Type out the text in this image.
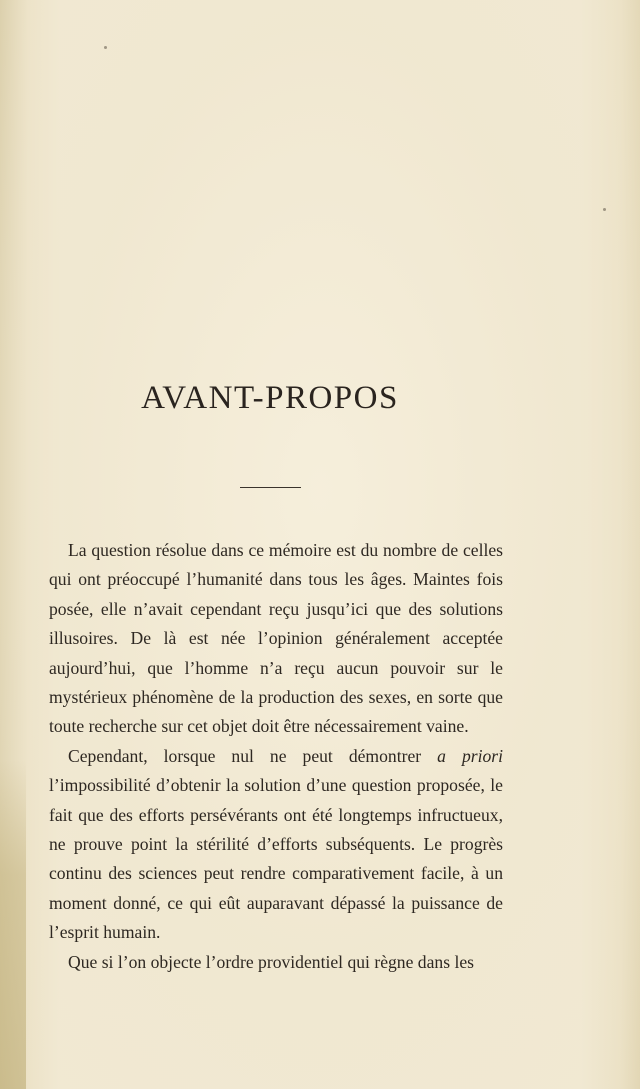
AVANT-PROPOS

La question résolue dans ce mémoire est du nombre de celles qui ont préoccupé l’humanité dans tous les âges. Maintes fois posée, elle n’avait cependant reçu jusqu’ici que des solutions illusoires. De là est née l’opinion généralement acceptée aujourd’hui, que l’homme n’a reçu aucun pouvoir sur le mystérieux phénomène de la production des sexes, en sorte que toute recherche sur cet objet doit être nécessairement vaine.

Cependant, lorsque nul ne peut démontrer a priori l’impossibilité d’obtenir la solution d’une question proposée, le fait que des efforts persévérants ont été longtemps infructueux, ne prouve point la stérilité d’efforts subséquents. Le progrès continu des sciences peut rendre comparativement facile, à un moment donné, ce qui eût auparavant dépassé la puissance de l’esprit humain.

Que si l’on objecte l’ordre providentiel qui règne dans les
